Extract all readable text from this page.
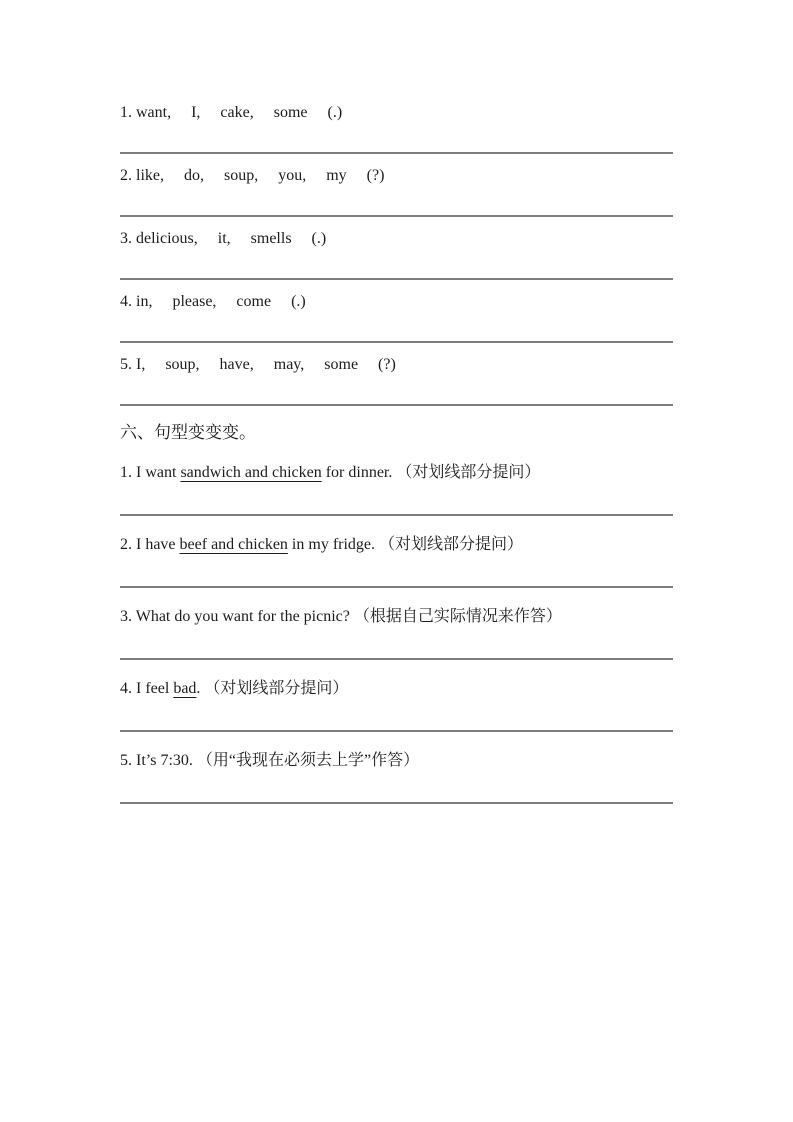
1. want,     I,     cake,     some     (.)
2. like,     do,     soup,     you,     my     (?)
3. delicious,     it,     smells     (.)
4. in,     please,     come     (.)
5. I,     soup,     have,     may,     some     (?)
六、句型变变变。
1. I want sandwich and chicken for dinner. （对划线部分提问）
2. I have beef and chicken in my fridge. （对划线部分提问）
3. What do you want for the picnic? （根据自己实际情况来作答）
4. I feel bad. （对划线部分提问）
5. It’s 7:30. （用“我现在必须去上学”作答）
